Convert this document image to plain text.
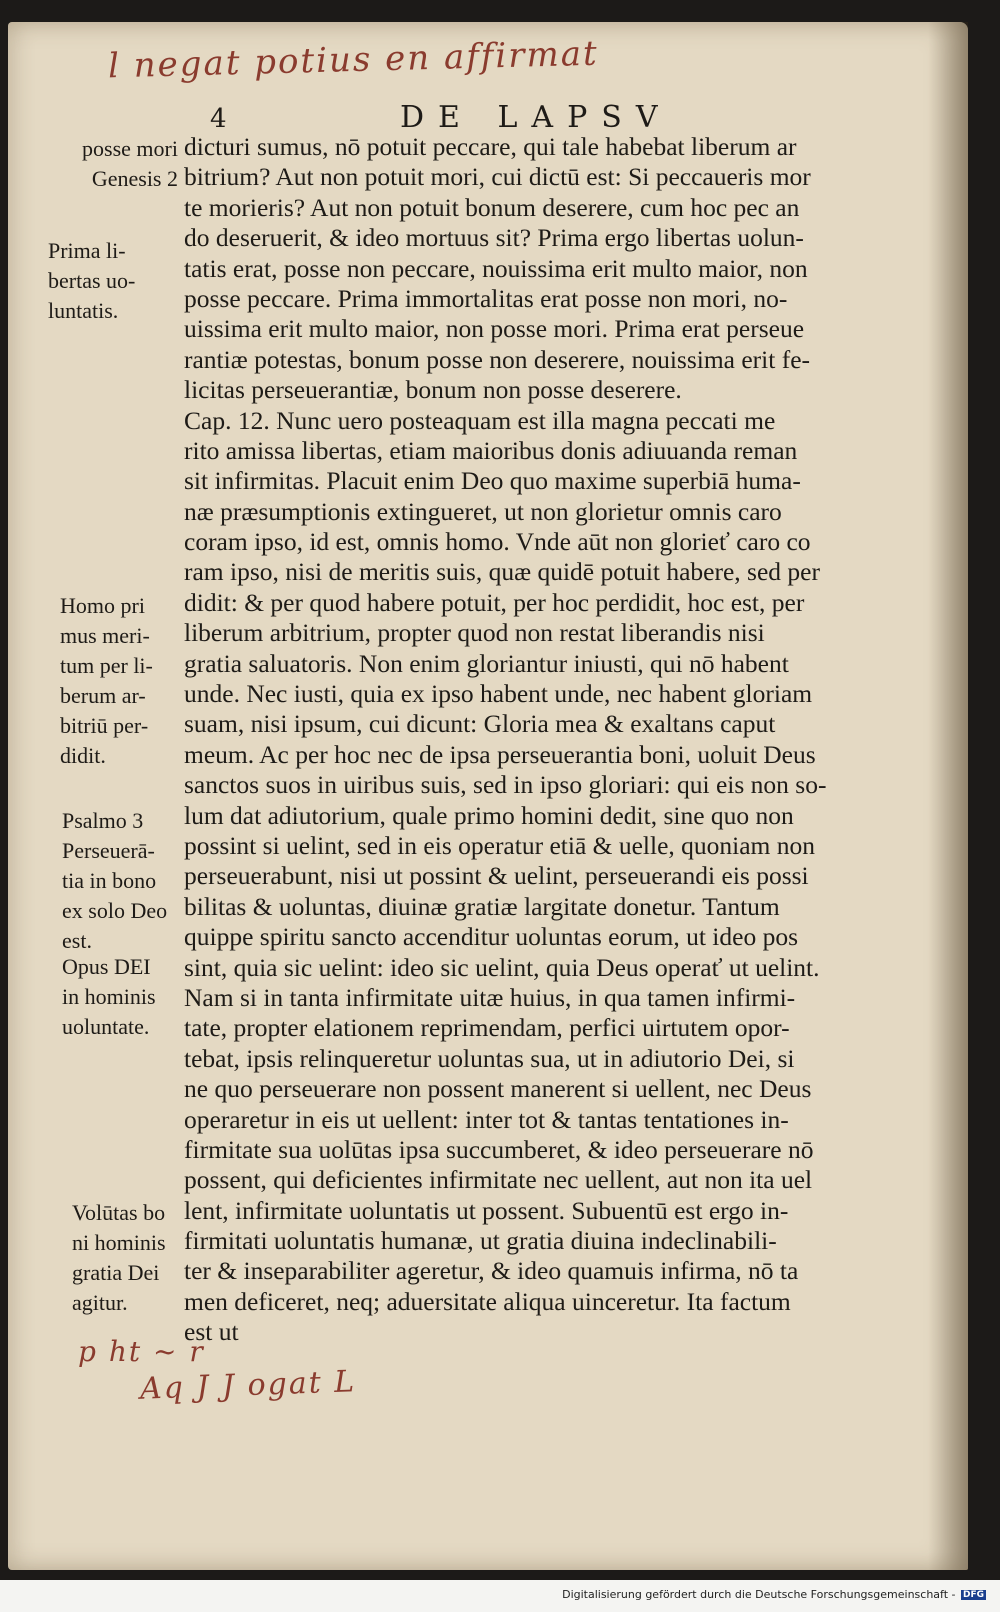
l negat potius en affirmat
p ht ~ r
Aq J J ogat L
4	DE LAPSV
posse mori
Genesis 2
Prima li-
bertas uo-
luntatis.
Homo pri
mus meri-
tum per li-
berum ar-
bitriū per-
didit.
Psalmo 3
Perseuerā-
tia in bono
ex solo Deo
est.
Opus DEI
in hominis
uoluntate.
Volūtas bo
ni hominis
gratia Dei
agitur.
dicturi sumus, nō potuit peccare, qui tale habebat liberum ar
bitrium? Aut non potuit mori, cui dictū est: Si peccaueris mor
te morieris? Aut non potuit bonum deserere, cum hoc pec an
do deseruerit, & ideo mortuus sit? Prima ergo libertas uolun-
tatis erat, posse non peccare, nouissima erit multo maior, non
posse peccare. Prima immortalitas erat posse non mori, no-
uissima erit multo maior, non posse mori. Prima erat perseue
rantiæ potestas, bonum posse non deserere, nouissima erit fe-
licitas perseuerantiæ, bonum non posse deserere.
Cap. 12. Nunc uero posteaquam est illa magna peccati me
rito amissa libertas, etiam maioribus donis adiuuanda reman
sit infirmitas. Placuit enim Deo quo maxime superbiā huma-
næ præsumptionis extingueret, ut non glorietur omnis caro
coram ipso, id est, omnis homo. Vnde aūt non glorieť caro co
ram ipso, nisi de meritis suis, quæ quidē potuit habere, sed per
didit: & per quod habere potuit, per hoc perdidit, hoc est, per
liberum arbitrium, propter quod non restat liberandis nisi
gratia saluatoris. Non enim gloriantur iniusti, qui nō habent
unde. Nec iusti, quia ex ipso habent unde, nec habent gloriam
suam, nisi ipsum, cui dicunt: Gloria mea & exaltans caput
meum. Ac per hoc nec de ipsa perseuerantia boni, uoluit Deus
sanctos suos in uiribus suis, sed in ipso gloriari: qui eis non so-
lum dat adiutorium, quale primo homini dedit, sine quo non
possint si uelint, sed in eis operatur etiā & uelle, quoniam non
perseuerabunt, nisi ut possint & uelint, perseuerandi eis possi
bilitas & uoluntas, diuinæ gratiæ largitate donetur. Tantum
quippe spiritu sancto accenditur uoluntas eorum, ut ideo pos
sint, quia sic uelint: ideo sic uelint, quia Deus operať ut uelint.
Nam si in tanta infirmitate uitæ huius, in qua tamen infirmi-
tate, propter elationem reprimendam, perfici uirtutem opor-
tebat, ipsis relinqueretur uoluntas sua, ut in adiutorio Dei, si
ne quo perseuerare non possent manerent si uellent, nec Deus
operaretur in eis ut uellent: inter tot & tantas tentationes in-
firmitate sua uolūtas ipsa succumberet, & ideo perseuerare nō
possent, qui deficientes infirmitate nec uellent, aut non ita uel
lent, infirmitate uoluntatis ut possent. Subuentū est ergo in-
firmitati uoluntatis humanæ, ut gratia diuina indeclinabili-
ter & inseparabiliter ageretur, & ideo quamuis infirma, nō ta
men deficeret, neq; aduersitate aliqua uinceretur. Ita factum
est ut
Digitalisierung gefördert durch die Deutsche Forschungsgemeinschaft - DFG
